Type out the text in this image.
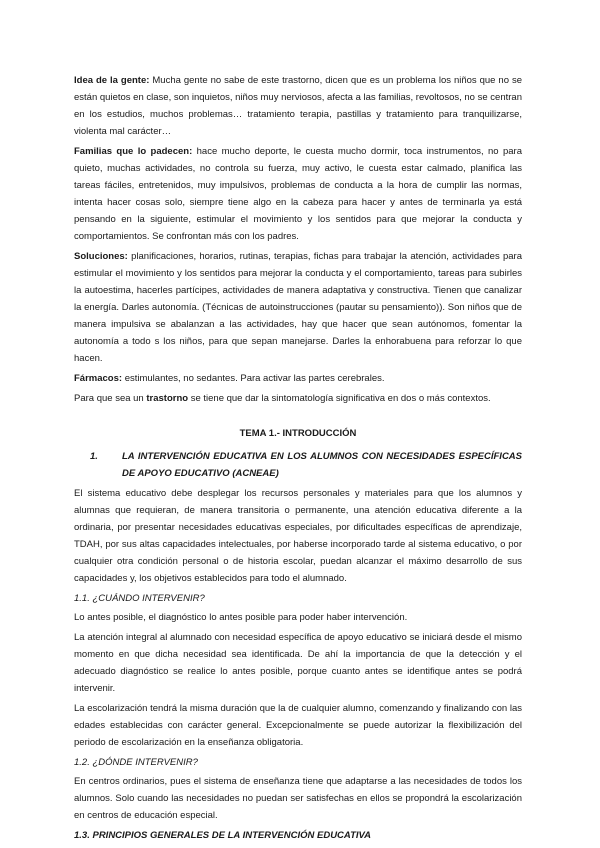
Idea de la gente: Mucha gente no sabe de este trastorno, dicen que es un problema los niños que no se están quietos en clase, son inquietos, niños muy nerviosos, afecta a las familias, revoltosos, no se centran en los estudios, muchos problemas… tratamiento terapia, pastillas y tratamiento para tranquilizarse, violenta mal carácter…

Familias que lo padecen: hace mucho deporte, le cuesta mucho dormir, toca instrumentos, no para quieto, muchas actividades, no controla su fuerza, muy activo, le cuesta estar calmado, planifica las tareas fáciles, entretenidos, muy impulsivos, problemas de conducta a la hora de cumplir las normas, intenta hacer cosas solo, siempre tiene algo en la cabeza para hacer y antes de terminarla ya está pensando en la siguiente, estimular el movimiento y los sentidos para que mejorar la conducta y comportamientos. Se confrontan más con los padres.

Soluciones: planificaciones, horarios, rutinas, terapias, fichas para trabajar la atención, actividades para estimular el movimiento y los sentidos para mejorar la conducta y el comportamiento, tareas para subirles la autoestima, hacerles partícipes, actividades de manera adaptativa y constructiva. Tienen que canalizar la energía. Darles autonomía. (Técnicas de autoinstrucciones (pautar su pensamiento)). Son niños que de manera impulsiva se abalanzan a las actividades, hay que hacer que sean autónomos, fomentar la autonomía a todo s los niños, para que sepan manejarse. Darles la enhorabuena para reforzar lo que hacen.

Fármacos: estimulantes, no sedantes. Para activar las partes cerebrales.

Para que sea un trastorno se tiene que dar la sintomatología significativa en dos o más contextos.

TEMA 1.- INTRODUCCIÓN
1.	LA INTERVENCIÓN EDUCATIVA EN LOS ALUMNOS CON NECESIDADES ESPECÍFICAS DE APOYO EDUCATIVO (ACNEAE)

El sistema educativo debe desplegar los recursos personales y materiales para que los alumnos y alumnas que requieran, de manera transitoria o permanente, una atención educativa diferente a la ordinaria, por presentar necesidades educativas especiales, por dificultades específicas de aprendizaje, TDAH, por sus altas capacidades intelectuales, por haberse incorporado tarde al sistema educativo, o por cualquier otra condición personal o de historia escolar, puedan alcanzar el máximo desarrollo de sus capacidades y, los objetivos establecidos para todo el alumnado.

1.1. ¿CUÁNDO INTERVENIR?

Lo antes posible, el diagnóstico lo antes posible para poder haber intervención.

La atención integral al alumnado con necesidad específica de apoyo educativo se iniciará desde el mismo momento en que dicha necesidad sea identificada. De ahí la importancia de que la detección y el adecuado diagnóstico se realice lo antes posible, porque cuanto antes se identifique antes se podrá intervenir.

La escolarización tendrá la misma duración que la de cualquier alumno, comenzando y finalizando con las edades establecidas con carácter general. Excepcionalmente se puede autorizar la flexibilización del periodo de escolarización en la enseñanza obligatoria.

1.2. ¿DÓNDE INTERVENIR?

En centros ordinarios, pues el sistema de enseñanza tiene que adaptarse a las necesidades de todos los alumnos. Solo cuando las necesidades no puedan ser satisfechas en ellos se propondrá la escolarización en centros de educación especial.

1.3. PRINCIPIOS GENERALES DE LA INTERVENCIÓN EDUCATIVA
